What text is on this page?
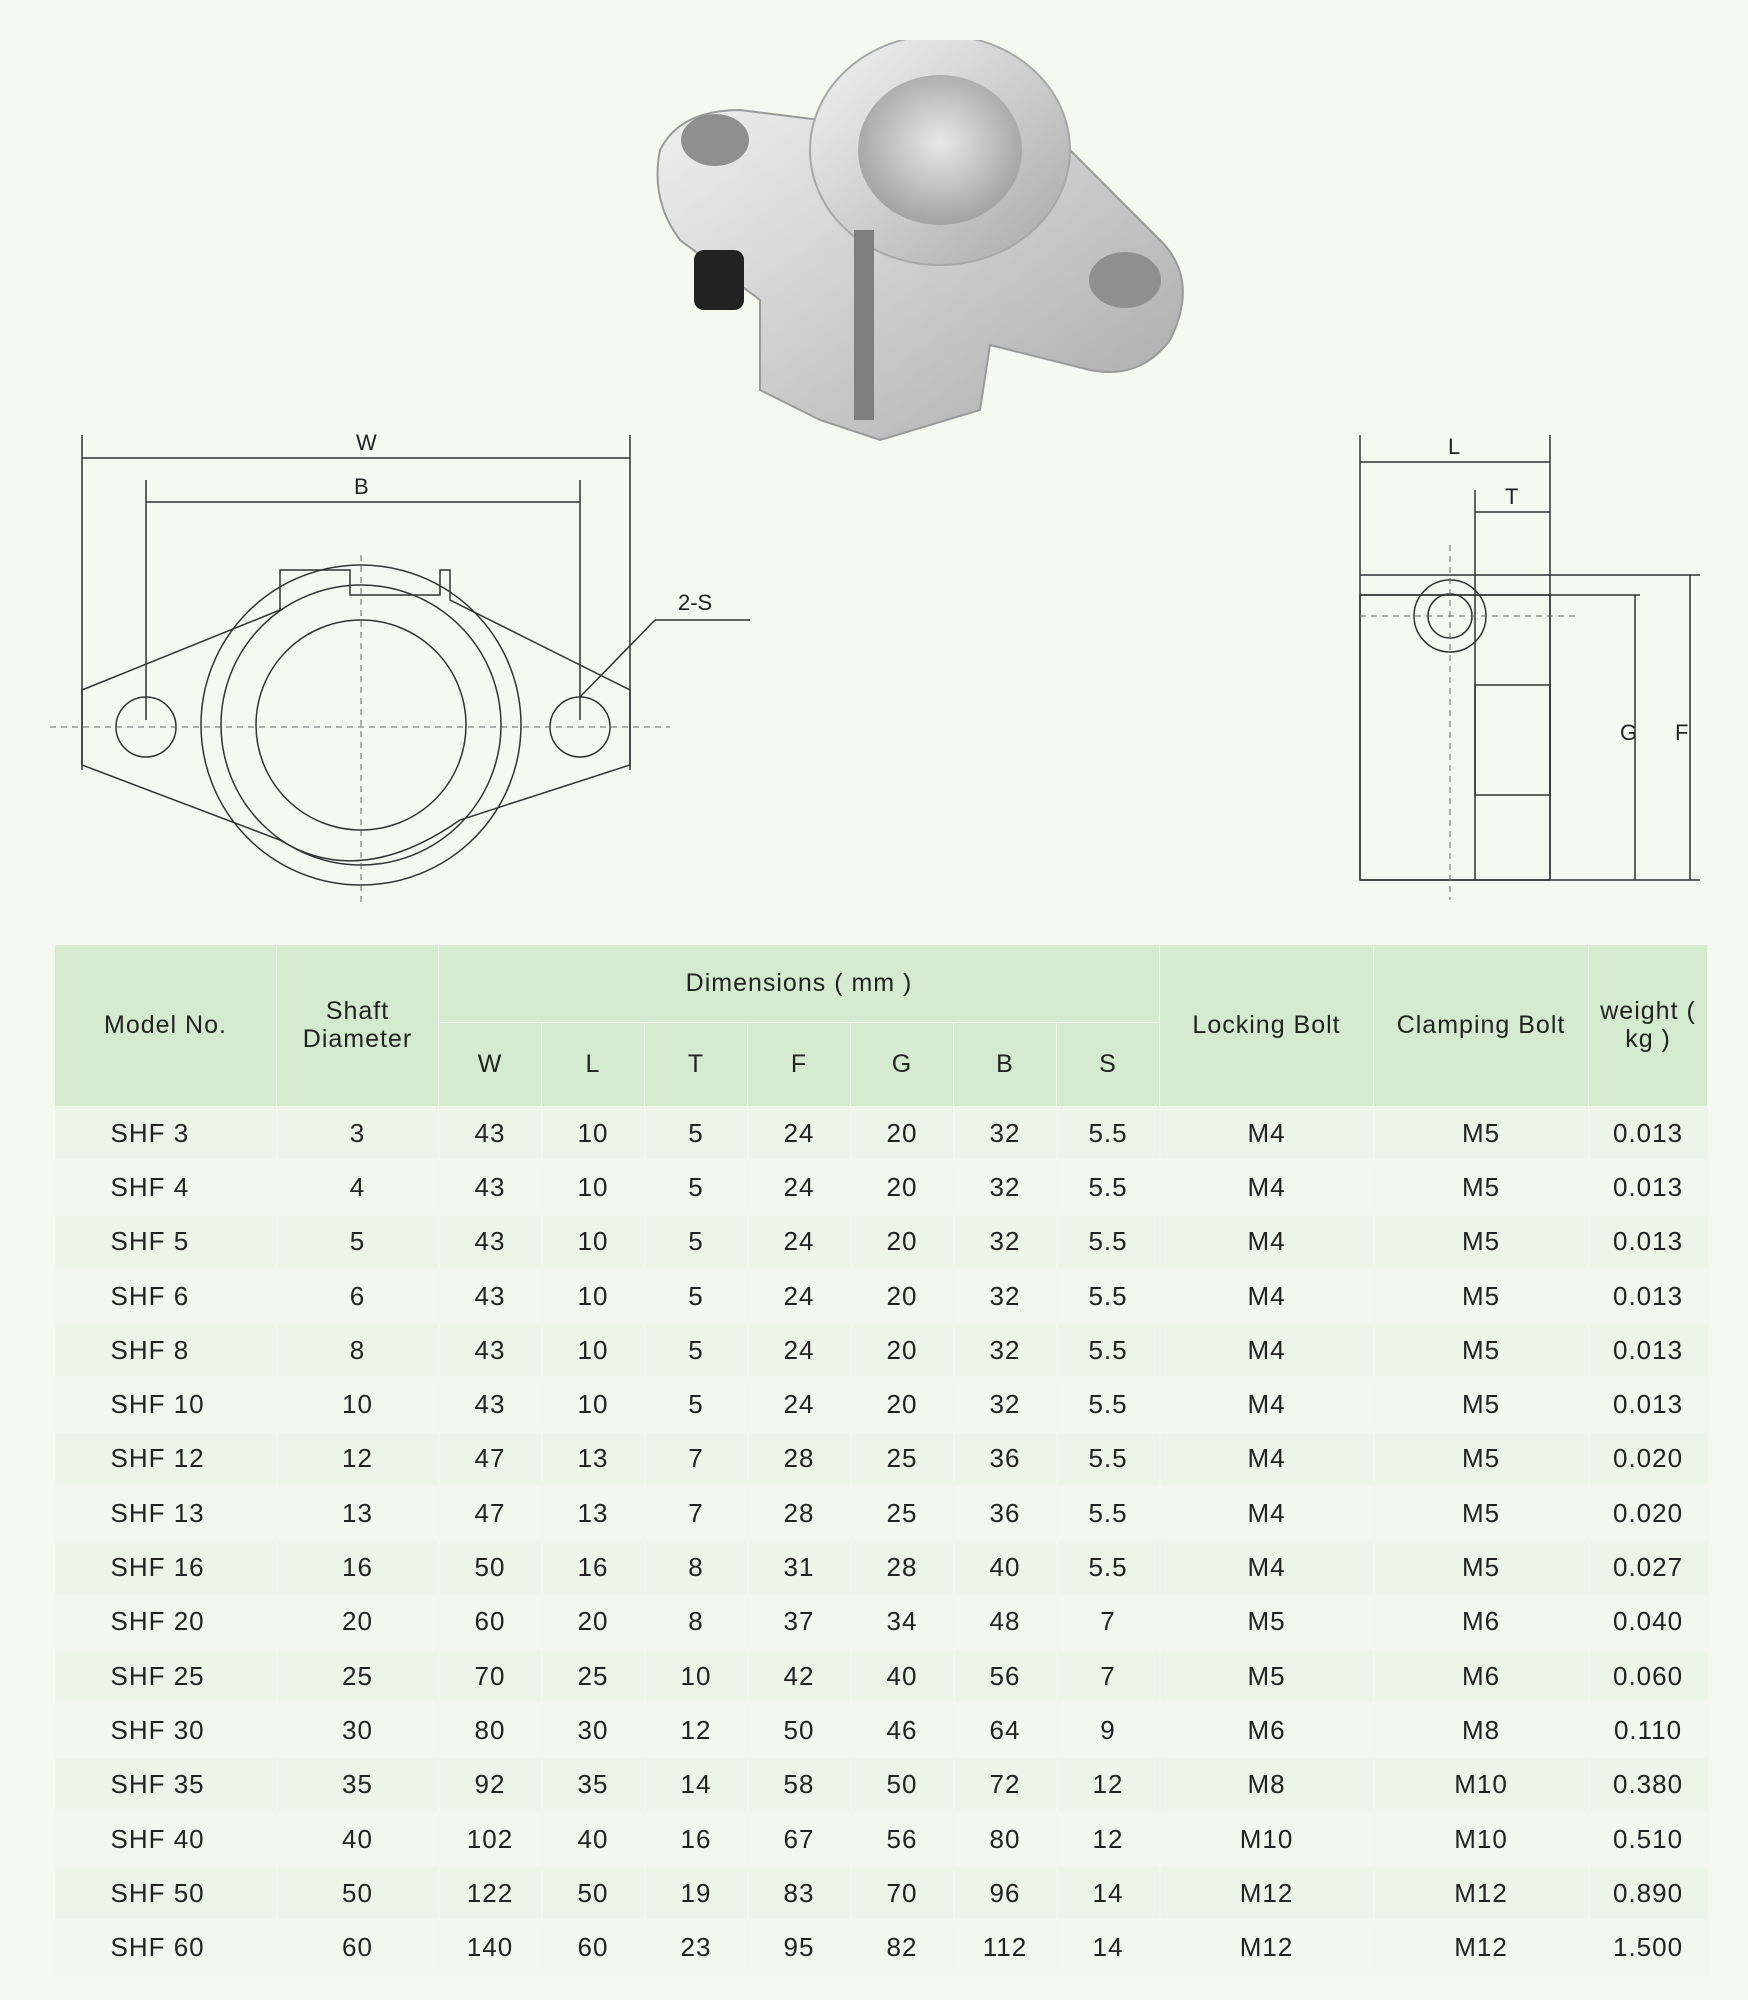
W
B
2-S
L
T
G F
Model No.	Shaft Diameter	Dimensions ( mm )							Locking Bolt	Clamping Bolt	weight ( kg )
		W	L	T	F	G	B	S			
SHF 3	3	43	10	5	24	20	32	5.5	M4	M5	0.013
SHF 4	4	43	10	5	24	20	32	5.5	M4	M5	0.013
SHF 5	5	43	10	5	24	20	32	5.5	M4	M5	0.013
SHF 6	6	43	10	5	24	20	32	5.5	M4	M5	0.013
SHF 8	8	43	10	5	24	20	32	5.5	M4	M5	0.013
SHF 10	10	43	10	5	24	20	32	5.5	M4	M5	0.013
SHF 12	12	47	13	7	28	25	36	5.5	M4	M5	0.020
SHF 13	13	47	13	7	28	25	36	5.5	M4	M5	0.020
SHF 16	16	50	16	8	31	28	40	5.5	M4	M5	0.027
SHF 20	20	60	20	8	37	34	48	7	M5	M6	0.040
SHF 25	25	70	25	10	42	40	56	7	M5	M6	0.060
SHF 30	30	80	30	12	50	46	64	9	M6	M8	0.110
SHF 35	35	92	35	14	58	50	72	12	M8	M10	0.380
SHF 40	40	102	40	16	67	56	80	12	M10	M10	0.510
SHF 50	50	122	50	19	83	70	96	14	M12	M12	0.890
SHF 60	60	140	60	23	95	82	112	14	M12	M12	1.500
